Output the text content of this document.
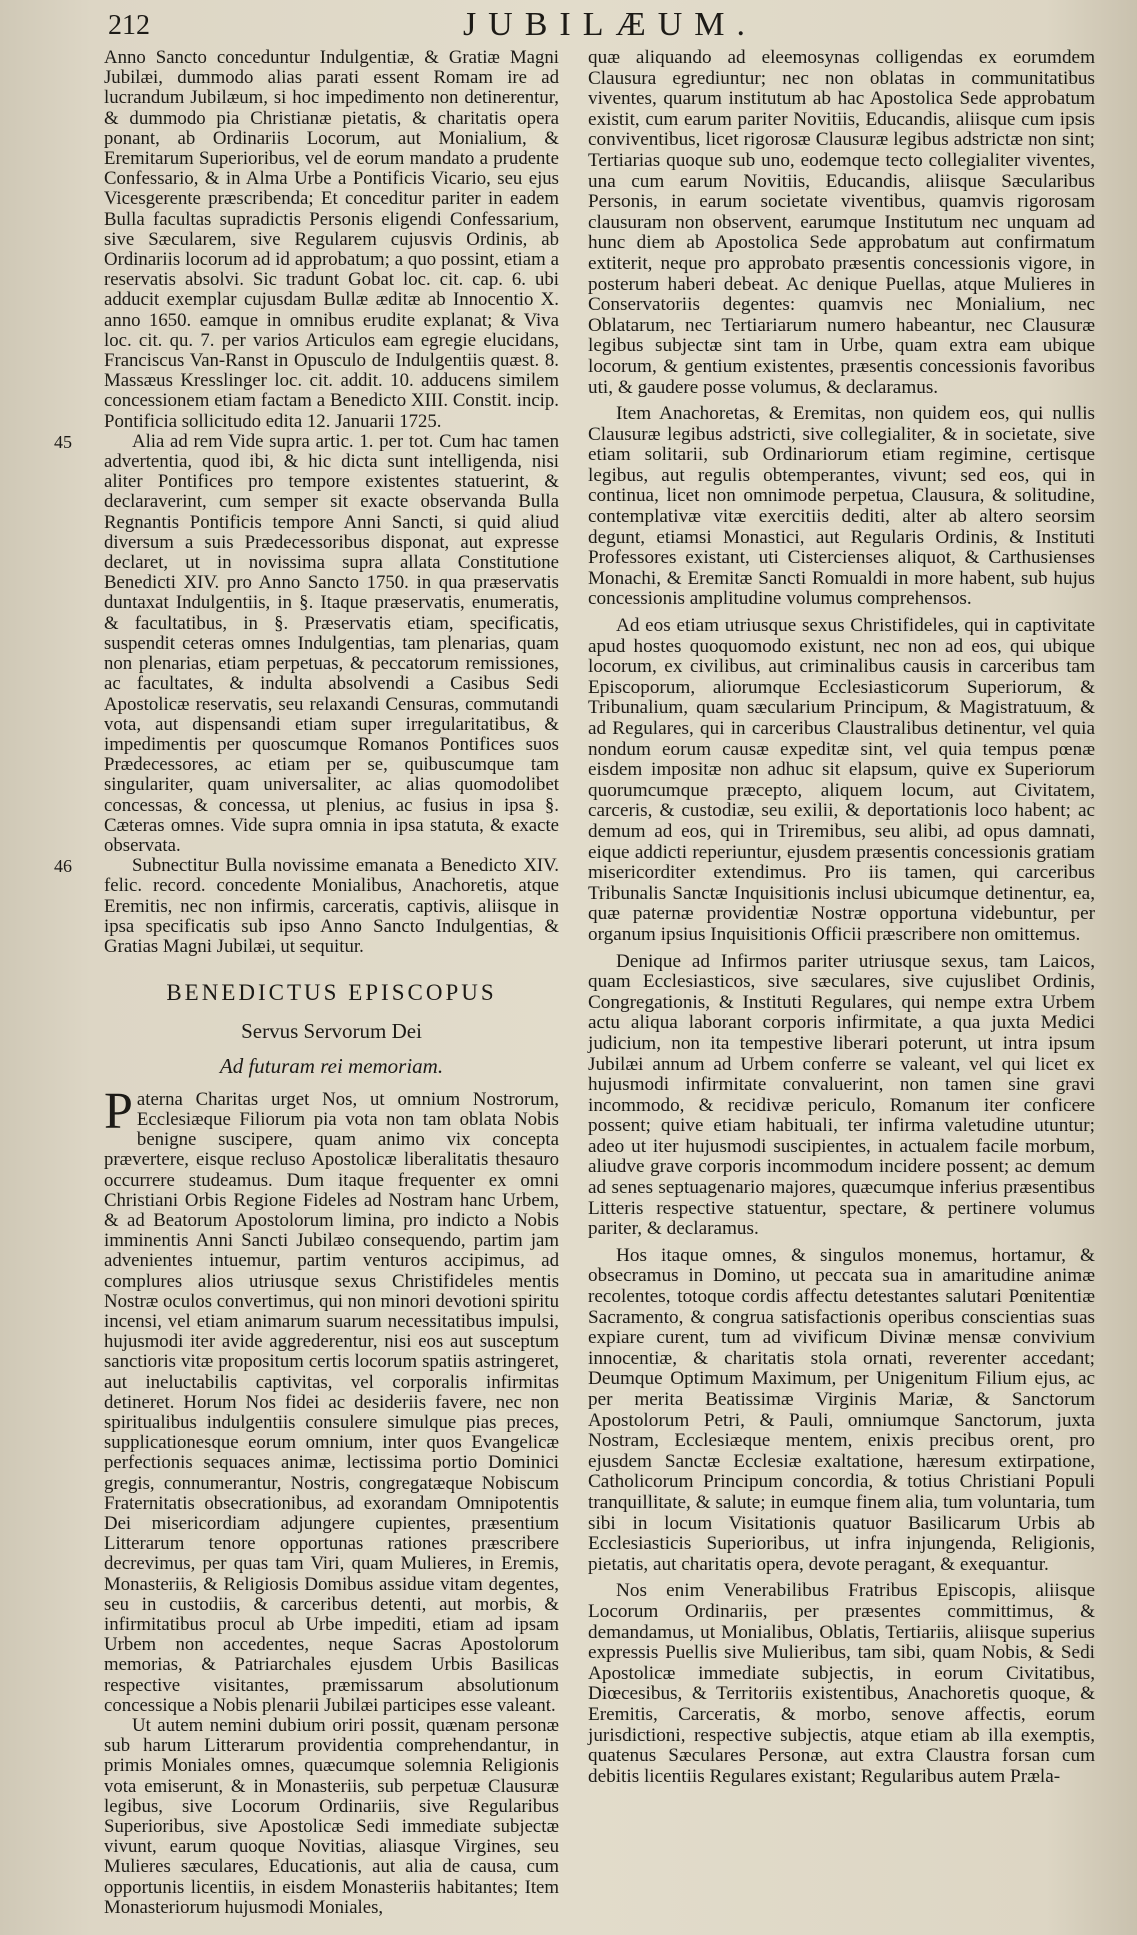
212	JUBILÆUM.

Anno Sancto conceduntur Indulgentiæ, & Gratiæ Magni Jubilæi, dummodo alias parati essent Romam ire ad lucrandum Jubilæum, si hoc impedimento non detinerentur, & dummodo pia Christianæ pietatis, & charitatis opera ponant, ab Ordinariis Locorum, aut Monialium, & Eremitarum Superioribus, vel de eorum mandato a prudente Confessario, & in Alma Urbe a Pontificis Vicario, seu ejus Vicesgerente præscribenda; Et conceditur pariter in eadem Bulla facultas supradictis Personis eligendi Confessarium, sive Sæcularem, sive Regularem cujusvis Ordinis, ab Ordinariis locorum ad id approbatum; a quo possint, etiam a reservatis absolvi. Sic tradunt Gobat loc. cit. cap. 6. ubi adducit exemplar cujusdam Bullæ æditæ ab Innocentio X. anno 1650. eamque in omnibus erudite explanat; & Viva loc. cit. qu. 7. per varios Articulos eam egregie elucidans, Franciscus Van-Ranst in Opusculo de Indulgentiis quæst. 8. Massæus Kresslinger loc. cit. addit. 10. adducens similem concessionem etiam factam a Benedicto XIII. Constit. incip. Pontificia sollicitudo edita 12. Januarii 1725.

45	Alia ad rem Vide supra artic. 1. per tot. Cum hac tamen advertentia, quod ibi, & hic dicta sunt intelligenda, nisi aliter Pontifices pro tempore existentes statuerint, & declaraverint, cum semper sit exacte observanda Bulla Regnantis Pontificis tempore Anni Sancti, si quid aliud diversum a suis Prædecessoribus disponat, aut expresse declaret, ut in novissima supra allata Constitutione Benedicti XIV. pro Anno Sancto 1750. in qua præservatis duntaxat Indulgentiis, in §. Itaque præservatis, enumeratis, & facultatibus, in §. Præservatis etiam, specificatis, suspendit ceteras omnes Indulgentias, tam plenarias, quam non plenarias, etiam perpetuas, & peccatorum remissiones, ac facultates, & indulta absolvendi a Casibus Sedi Apostolicæ reservatis, seu relaxandi Censuras, commutandi vota, aut dispensandi etiam super irregularitatibus, & impedimentis per quoscumque Romanos Pontifices suos Prædecessores, ac etiam per se, quibuscumque tam singulariter, quam universaliter, ac alias quomodolibet concessas, & concessa, ut plenius, ac fusius in ipsa §. Cæteras omnes. Vide supra omnia in ipsa statuta, & exacte observata.

46	Subnectitur Bulla novissime emanata a Benedicto XIV. felic. record. concedente Monialibus, Anachoretis, atque Eremitis, nec non infirmis, carceratis, captivis, aliisque in ipsa specificatis sub ipso Anno Sancto Indulgentias, & Gratias Magni Jubilæi, ut sequitur.

BENEDICTUS EPISCOPUS
Servus Servorum Dei
Ad futuram rei memoriam.

Paterna Charitas urget Nos, ut omnium Nostrorum, Ecclesiæque Filiorum pia vota non tam oblata Nobis benigne suscipere, quam animo vix concepta prævertere, eisque recluso Apostolicæ liberalitatis thesauro occurrere studeamus. Dum itaque frequenter ex omni Christiani Orbis Regione Fideles ad Nostram hanc Urbem, & ad Beatorum Apostolorum limina, pro indicto a Nobis imminentis Anni Sancti Jubilæo consequendo, partim jam advenientes intuemur, partim venturos accipimus, ad complures alios utriusque sexus Christifideles mentis Nostræ oculos convertimus, qui non minori devotioni spiritu incensi, vel etiam animarum suarum necessitatibus impulsi, hujusmodi iter avide aggrederentur, nisi eos aut susceptum sanctioris vitæ propositum certis locorum spatiis astringeret, aut ineluctabilis captivitas, vel corporalis infirmitas detineret. Horum Nos fidei ac desideriis favere, nec non spiritualibus indulgentiis consulere simulque pias preces, supplicationesque eorum omnium, inter quos Evangelicæ perfectionis sequaces animæ, lectissima portio Dominici gregis, connumerantur, Nostris, congregatæque Nobiscum Fraternitatis obsecrationibus, ad exorandam Omnipotentis Dei misericordiam adjungere cupientes, præsentium Litterarum tenore opportunas rationes præscribere decrevimus, per quas tam Viri, quam Mulieres, in Eremis, Monasteriis, & Religiosis Domibus assidue vitam degentes, seu in custodiis, & carceribus detenti, aut morbis, & infirmitatibus procul ab Urbe impediti, etiam ad ipsam Urbem non accedentes, neque Sacras Apostolorum memorias, & Patriarchales ejusdem Urbis Basilicas respective visitantes, præmissarum absolutionum concessique a Nobis plenarii Jubilæi participes esse valeant.

Ut autem nemini dubium oriri possit, quænam personæ sub harum Litterarum providentia comprehendantur, in primis Moniales omnes, quæcumque solemnia Religionis vota emiserunt, & in Monasteriis, sub perpetuæ Clausuræ legibus, sive Locorum Ordinariis, sive Regularibus Superioribus, sive Apostolicæ Sedi immediate subjectæ vivunt, earum quoque Novitias, aliasque Virgines, seu Mulieres sæculares, Educationis, aut alia de causa, cum opportunis licentiis, in eisdem Monasteriis habitantes; Item Monasteriorum hujusmodi Moniales,

quæ aliquando ad eleemosynas colligendas ex eorumdem Clausura egrediuntur; nec non oblatas in communitatibus viventes, quarum institutum ab hac Apostolica Sede approbatum existit, cum earum pariter Novitiis, Educandis, aliisque cum ipsis conviventibus, licet rigorosæ Clausuræ legibus adstrictæ non sint; Tertiarias quoque sub uno, eodemque tecto collegialiter viventes, una cum earum Novitiis, Educandis, aliisque Sæcularibus Personis, in earum societate viventibus, quamvis rigorosam clausuram non observent, earumque Institutum nec unquam ad hunc diem ab Apostolica Sede approbatum aut confirmatum extiterit, neque pro approbato præsentis concessionis vigore, in posterum haberi debeat. Ac denique Puellas, atque Mulieres in Conservatoriis degentes: quamvis nec Monialium, nec Oblatarum, nec Tertiariarum numero habeantur, nec Clausuræ legibus subjectæ sint tam in Urbe, quam extra eam ubique locorum, & gentium existentes, præsentis concessionis favoribus uti, & gaudere posse volumus, & declaramus.

Item Anachoretas, & Eremitas, non quidem eos, qui nullis Clausuræ legibus adstricti, sive collegialiter, & in societate, sive etiam solitarii, sub Ordinariorum etiam regimine, certisque legibus, aut regulis obtemperantes, vivunt; sed eos, qui in continua, licet non omnimode perpetua, Clausura, & solitudine, contemplativæ vitæ exercitiis dediti, alter ab altero seorsim degunt, etiamsi Monastici, aut Regularis Ordinis, & Instituti Professores existant, uti Cistercienses aliquot, & Carthusienses Monachi, & Eremitæ Sancti Romualdi in more habent, sub hujus concessionis amplitudine volumus comprehensos.

Ad eos etiam utriusque sexus Christifideles, qui in captivitate apud hostes quoquomodo existunt, nec non ad eos, qui ubique locorum, ex civilibus, aut criminalibus causis in carceribus tam Episcoporum, aliorumque Ecclesiasticorum Superiorum, & Tribunalium, quam sæcularium Principum, & Magistratuum, & ad Regulares, qui in carceribus Claustralibus detinentur, vel quia nondum eorum causæ expeditæ sint, vel quia tempus pœnæ eisdem impositæ non adhuc sit elapsum, quive ex Superiorum quorumcumque præcepto, aliquem locum, aut Civitatem, carceris, & custodiæ, seu exilii, & deportationis loco habent; ac demum ad eos, qui in Triremibus, seu alibi, ad opus damnati, eique addicti reperiuntur, ejusdem præsentis concessionis gratiam misericorditer extendimus. Pro iis tamen, qui carceribus Tribunalis Sanctæ Inquisitionis inclusi ubicumque detinentur, ea, quæ paternæ providentiæ Nostræ opportuna videbuntur, per organum ipsius Inquisitionis Officii præscribere non omittemus.

Denique ad Infirmos pariter utriusque sexus, tam Laicos, quam Ecclesiasticos, sive sæculares, sive cujuslibet Ordinis, Congregationis, & Instituti Regulares, qui nempe extra Urbem actu aliqua laborant corporis infirmitate, a qua juxta Medici judicium, non ita tempestive liberari poterunt, ut intra ipsum Jubilæi annum ad Urbem conferre se valeant, vel qui licet ex hujusmodi infirmitate convaluerint, non tamen sine gravi incommodo, & recidivæ periculo, Romanum iter conficere possent; quive etiam habituali, ter infirma valetudine utuntur; adeo ut iter hujusmodi suscipientes, in actualem facile morbum, aliudve grave corporis incommodum incidere possent; ac demum ad senes septuagenario majores, quæcumque inferius præsentibus Litteris respective statuentur, spectare, & pertinere volumus pariter, & declaramus.

Hos itaque omnes, & singulos monemus, hortamur, & obsecramus in Domino, ut peccata sua in amaritudine animæ recolentes, totoque cordis affectu detestantes salutari Pœnitentiæ Sacramento, & congrua satisfactionis operibus conscientias suas expiare curent, tum ad vivificum Divinæ mensæ convivium innocentiæ, & charitatis stola ornati, reverenter accedant; Deumque Optimum Maximum, per Unigenitum Filium ejus, ac per merita Beatissimæ Virginis Mariæ, & Sanctorum Apostolorum Petri, & Pauli, omniumque Sanctorum, juxta Nostram, Ecclesiæque mentem, enixis precibus orent, pro ejusdem Sanctæ Ecclesiæ exaltatione, hæresum extirpatione, Catholicorum Principum concordia, & totius Christiani Populi tranquillitate, & salute; in eumque finem alia, tum voluntaria, tum sibi in locum Visitationis quatuor Basilicarum Urbis ab Ecclesiasticis Superioribus, ut infra injungenda, Religionis, pietatis, aut charitatis opera, devote peragant, & exequantur.

Nos enim Venerabilibus Fratribus Episcopis, aliisque Locorum Ordinariis, per præsentes committimus, & demandamus, ut Monialibus, Oblatis, Tertiariis, aliisque superius expressis Puellis sive Mulieribus, tam sibi, quam Nobis, & Sedi Apostolicæ immediate subjectis, in eorum Civitatibus, Diœcesibus, & Territoriis existentibus, Anachoretis quoque, & Eremitis, Carceratis, & morbo, senove affectis, eorum jurisdictioni, respective subjectis, atque etiam ab illa exemptis, quatenus Sæculares Personæ, aut extra Claustra forsan cum debitis licentiis Regulares existant; Regularibus autem Præla-
